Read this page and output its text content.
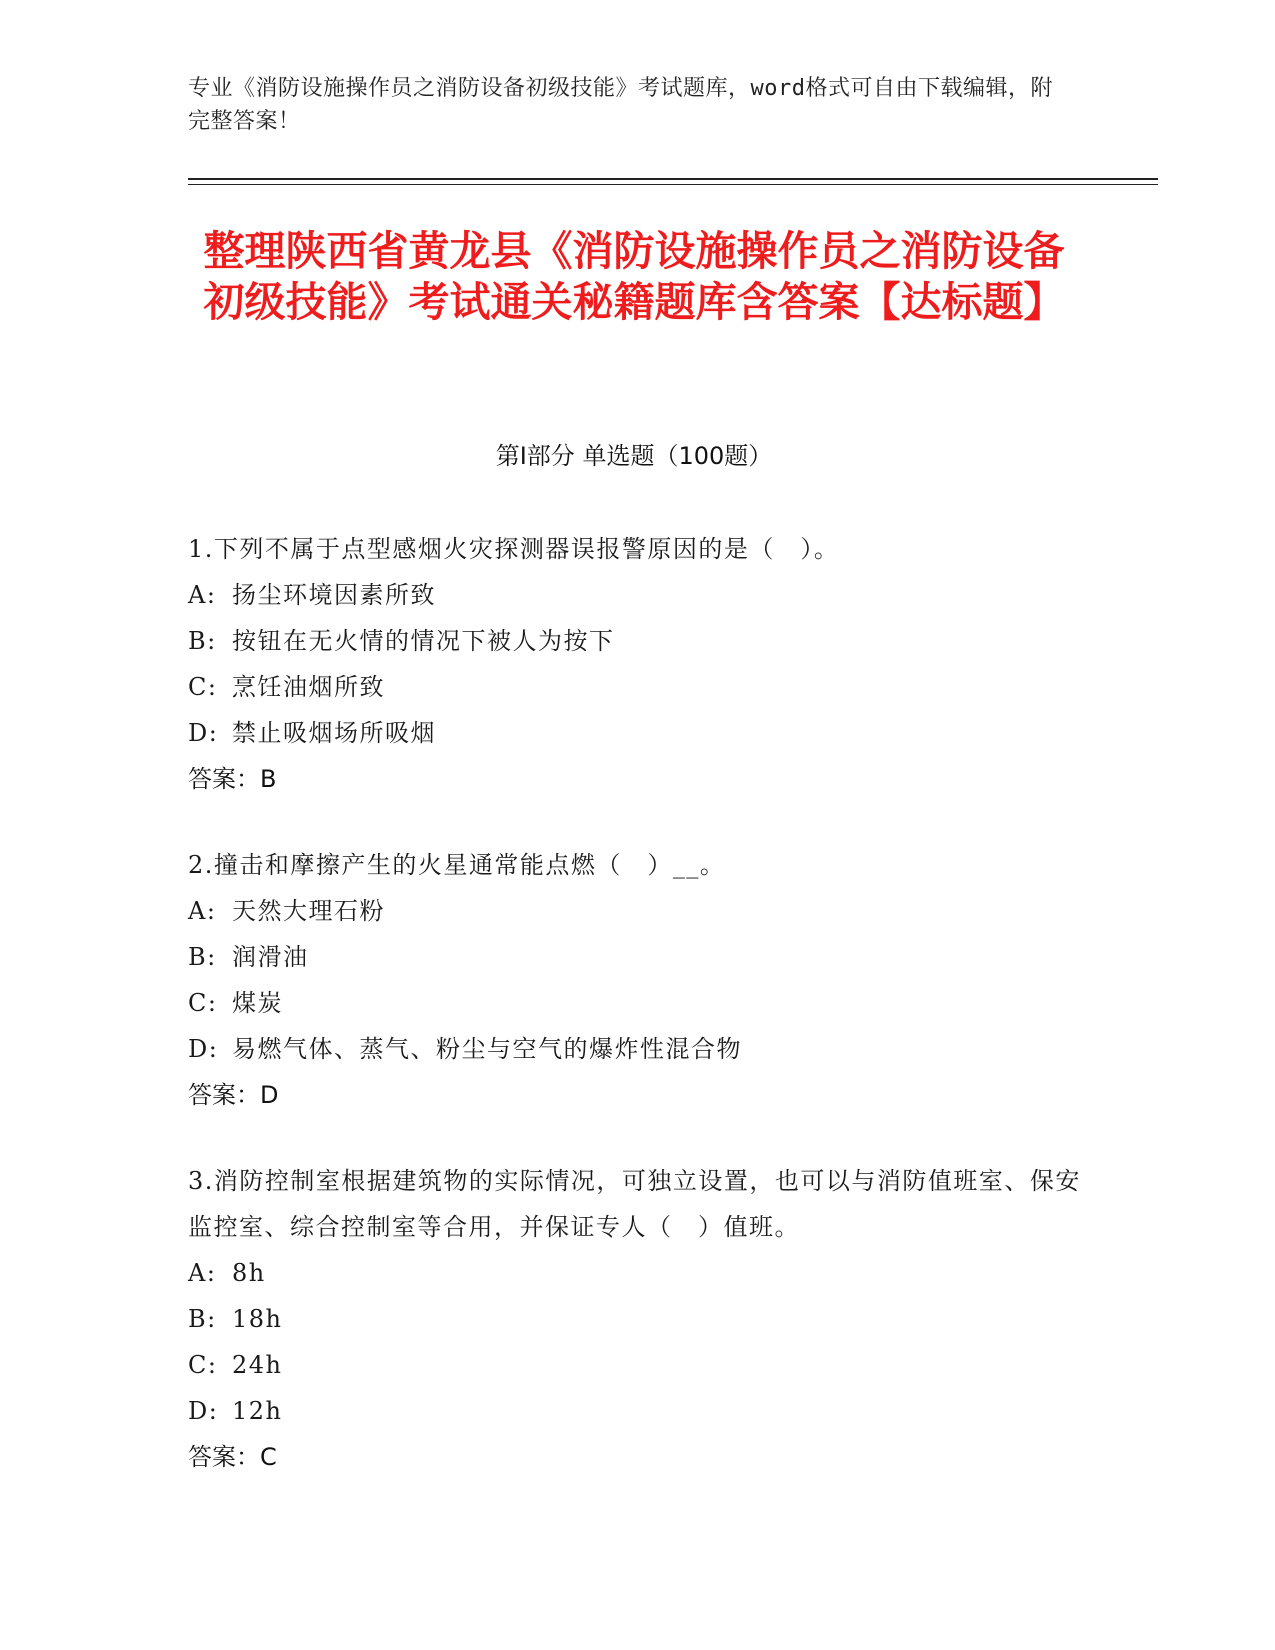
专业《消防设施操作员之消防设备初级技能》考试题库，word格式可自由下载编辑，附完整答案！
整理陕西省黄龙县《消防设施操作员之消防设备初级技能》考试通关秘籍题库含答案【达标题】
第I部分 单选题（100题）
1.下列不属于点型感烟火灾探测器误报警原因的是（　）。
A: 扬尘环境因素所致
B: 按钮在无火情的情况下被人为按下
C: 烹饪油烟所致
D: 禁止吸烟场所吸烟
答案：B
2.撞击和摩擦产生的火星通常能点燃（　）__。
A: 天然大理石粉
B: 润滑油
C: 煤炭
D: 易燃气体、蒸气、粉尘与空气的爆炸性混合物
答案：D
3.消防控制室根据建筑物的实际情况，可独立设置，也可以与消防值班室、保安监控室、综合控制室等合用，并保证专人（　）值班。
A: 8h
B: 18h
C: 24h
D: 12h
答案：C
